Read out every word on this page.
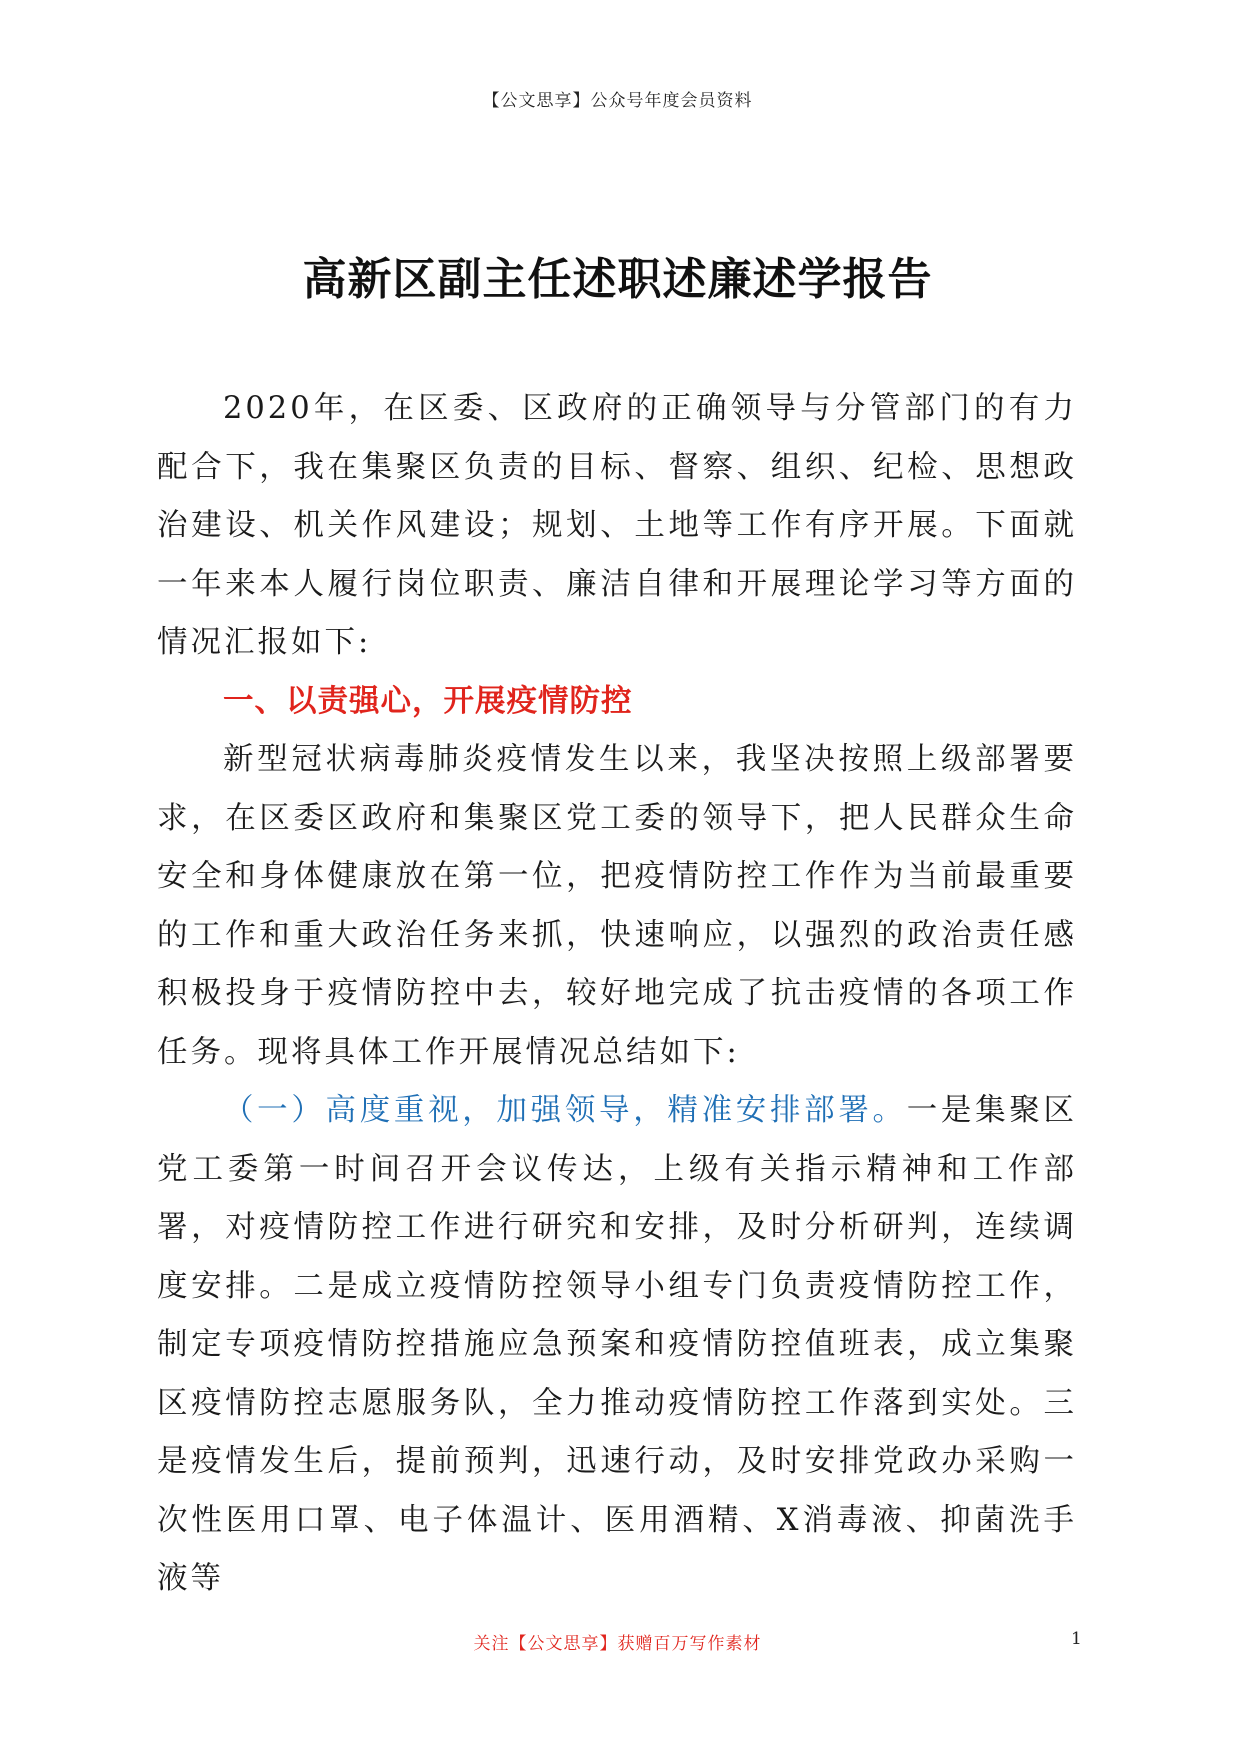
【公文思享】公众号年度会员资料
高新区副主任述职述廉述学报告

2020年，在区委、区政府的正确领导与分管部门的有力配合下，我在集聚区负责的目标、督察、组织、纪检、思想政治建设、机关作风建设；规划、土地等工作有序开展。下面就一年来本人履行岗位职责、廉洁自律和开展理论学习等方面的情况汇报如下:

一、以责强心，开展疫情防控

新型冠状病毒肺炎疫情发生以来，我坚决按照上级部署要求，在区委区政府和集聚区党工委的领导下，把人民群众生命安全和身体健康放在第一位，把疫情防控工作作为当前最重要的工作和重大政治任务来抓，快速响应，以强烈的政治责任感积极投身于疫情防控中去，较好地完成了抗击疫情的各项工作任务。现将具体工作开展情况总结如下:

（一）高度重视，加强领导，精准安排部署。一是集聚区党工委第一时间召开会议传达，上级有关指示精神和工作部署，对疫情防控工作进行研究和安排，及时分析研判，连续调度安排。二是成立疫情防控领导小组专门负责疫情防控工作，制定专项疫情防控措施应急预案和疫情防控值班表，成立集聚区疫情防控志愿服务队，全力推动疫情防控工作落到实处。三是疫情发生后，提前预判，迅速行动，及时安排党政办采购一次性医用口罩、电子体温计、医用酒精、X消毒液、抑菌洗手液等

关注【公文思享】获赠百万写作素材	1
